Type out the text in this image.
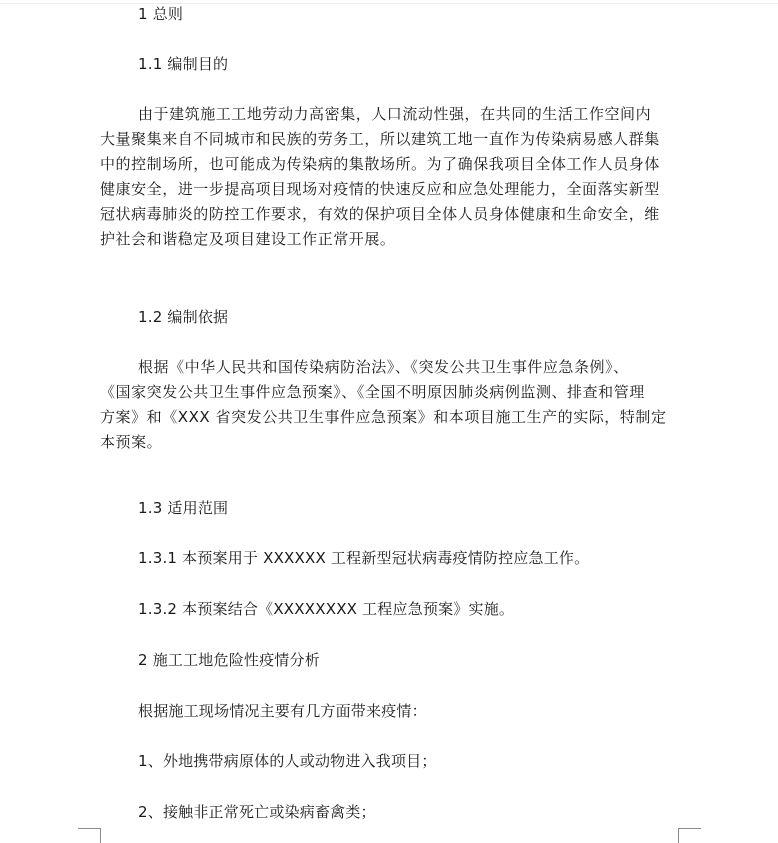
1 总则
1.1 编制目的
由于建筑施工工地劳动力高密集，人口流动性强，在共同的生活工作空间内
大量聚集来自不同城市和民族的劳务工，所以建筑工地一直作为传染病易感人群集
中的控制场所，也可能成为传染病的集散场所。为了确保我项目全体工作人员身体
健康安全，进一步提高项目现场对疫情的快速反应和应急处理能力，全面落实新型
冠状病毒肺炎的防控工作要求，有效的保护项目全体人员身体健康和生命安全，维
护社会和谐稳定及项目建设工作正常开展。
1.2 编制依据
根据《中华人民共和国传染病防治法》、《突发公共卫生事件应急条例》、
《国家突发公共卫生事件应急预案》、《全国不明原因肺炎病例监测、排查和管理
方案》和《XXX 省突发公共卫生事件应急预案》和本项目施工生产的实际，特制定
本预案。
1.3 适用范围
1.3.1 本预案用于 XXXXXX 工程新型冠状病毒疫情防控应急工作。
1.3.2 本预案结合《XXXXXXXX 工程应急预案》实施。
2 施工工地危险性疫情分析
根据施工现场情况主要有几方面带来疫情：
1、外地携带病原体的人或动物进入我项目；
2、接触非正常死亡或染病畜禽类；
